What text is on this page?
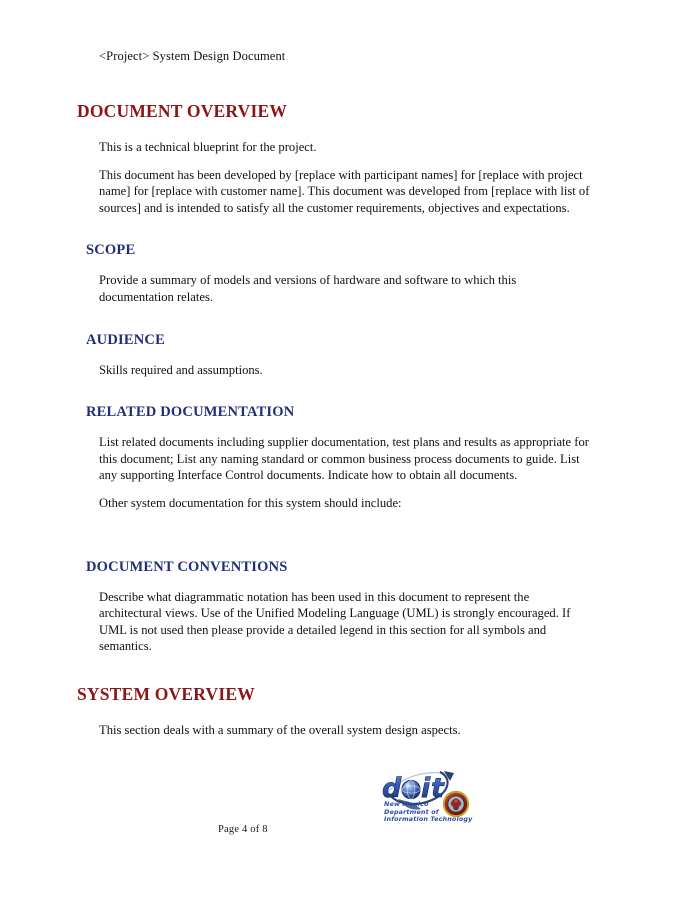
<Project> System Design Document
DOCUMENT OVERVIEW

This is a technical blueprint for the project.

This document has been developed by [replace with participant names] for [replace with project name] for [replace with customer name]. This document was developed from [replace with list of sources] and is intended to satisfy all the customer requirements, objectives and expectations.

SCOPE

Provide a summary of models and versions of hardware and software to which this documentation relates.

AUDIENCE

Skills required and assumptions.

RELATED DOCUMENTATION

List related documents including supplier documentation, test plans and results as appropriate for this document; List any naming standard or common business process documents to guide. List any supporting Interface Control documents. Indicate how to obtain all documents.

Other system documentation for this system should include:

DOCUMENT CONVENTIONS

Describe what diagrammatic notation has been used in this document to represent the architectural views. Use of the Unified Modeling Language (UML) is strongly encouraged. If UML is not used then please provide a detailed legend in this section for all symbols and semantics.

SYSTEM OVERVIEW

This section deals with a summary of the overall system design aspects.

Page 4 of 8
d i t
New Mexico
Department of
Information Technology
